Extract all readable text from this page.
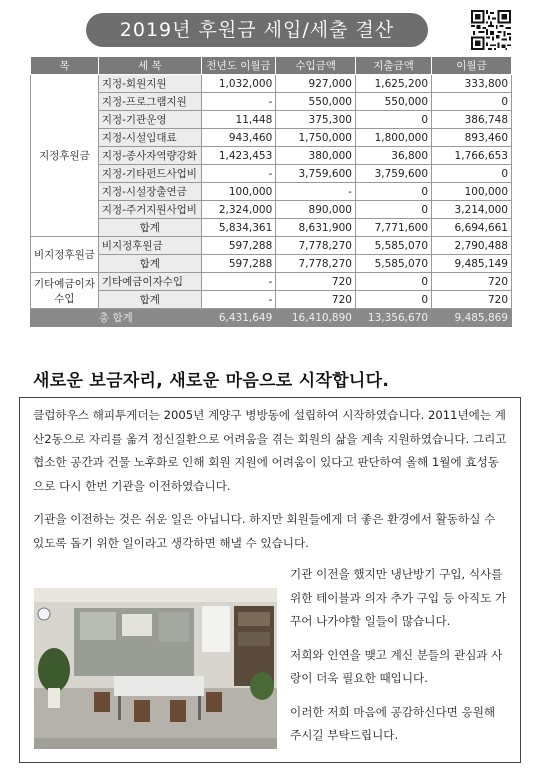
2019년 후원금 세입/세출 결산
목	세 목	전년도 이월금	수입금액	지출금액	이월금
지정후원금	지정-회원지원	1,032,000	927,000	1,625,200	333,800
	지정-프로그램지원	-	550,000	550,000	0
	지정-기관운영	11,448	375,300	0	386,748
	지정-시설임대료	943,460	1,750,000	1,800,000	893,460
	지정-종사자역량강화	1,423,453	380,000	36,800	1,766,653
	지정-기타펀드사업비	-	3,759,600	3,759,600	0
	지정-시설장출연금	100,000	-	0	100,000
	지정-주거지원사업비	2,324,000	890,000	0	3,214,000
	합계	5,834,361	8,631,900	7,771,600	6,694,661
비지정후원금	비지정후원금	597,288	7,778,270	5,585,070	2,790,488
	합계	597,288	7,778,270	5,585,070	9,485,149
기타예금이자 수입	기타예금이자수입	-	720	0	720
	합계	-	720	0	720
총 합계		6,431,649	16,410,890	13,356,670	9,485,869
새로운 보금자리, 새로운 마음으로 시작합니다.
클럽하우스 해피투게더는 2005년 계양구 병방동에 설립하여 시작하였습니다. 2011년에는 계산2동으로 자리를 옮겨 정신질환으로 어려움을 겪는 회원의 삶을 계속 지원하였습니다. 그리고 협소한 공간과 건물 노후화로 인해 회원 지원에 어려움이 있다고 판단하여 올해 1월에 효성동으로 다시 한번 기관을 이전하였습니다.
기관을 이전하는 것은 쉬운 일은 아닙니다. 하지만 회원들에게 더 좋은 환경에서 활동하실 수 있도록 돕기 위한 일이라고 생각하면 해낼 수 있습니다.

기관 이전을 했지만 냉난방기 구입, 식사를 위한 테이블과 의자 추가 구입 등 아직도 가꾸어 나가야할 일들이 많습니다.

저희와 인연을 맺고 계신 분들의 관심과 사랑이 더욱 필요한 때입니다.

이러한 저희 마음에 공감하신다면 응원해 주시길 부탁드립니다.
